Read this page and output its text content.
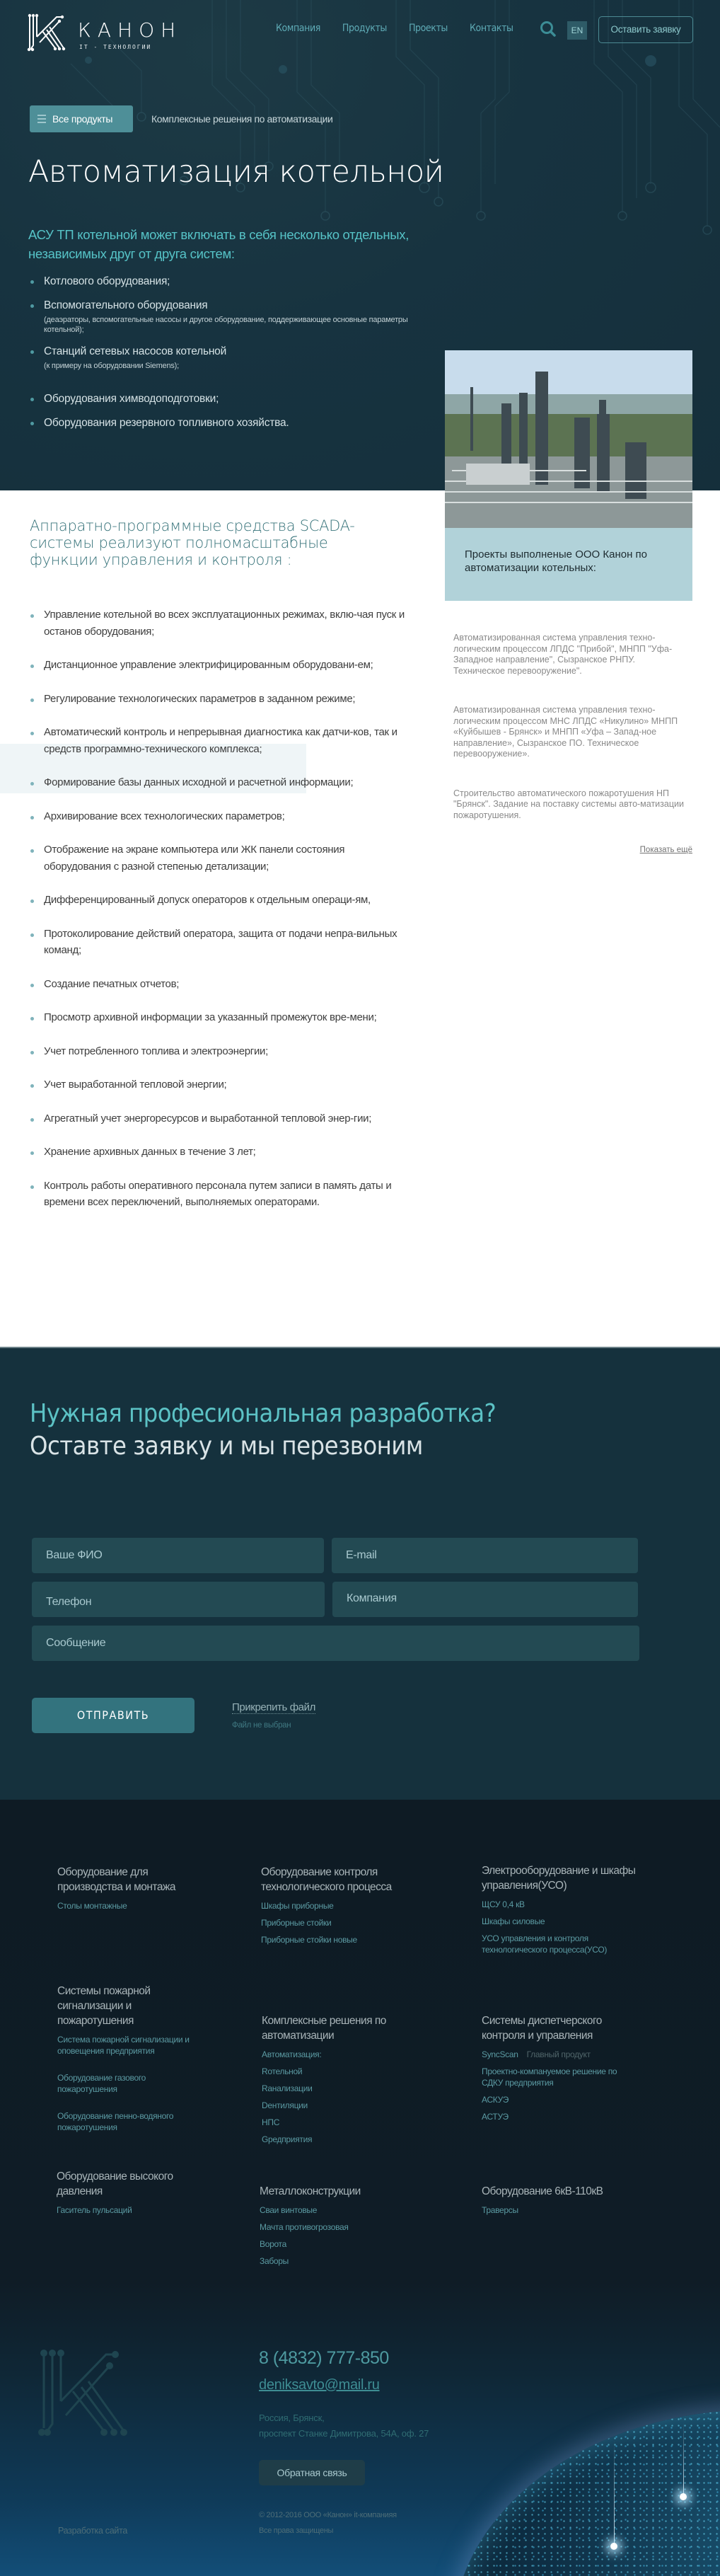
КАНОН
IT - ТЕХНОЛОГИИ
Компания Продукты Проекты Контакты	EN	Оставить заявку
Все продукты	Комплексные решения по автоматизации
Автоматизация котельной

АСУ ТП котельной может включать в себя несколько отдельных, независимых друг от друга систем:

Котлового оборудования;
Вспомогательного оборудования
(деаэраторы, вспомогательные насосы и другое оборудование, поддерживающее основные параметры котельной);
Станций сетевых насосов котельной
(к примеру на оборудовании Siemens);
Оборудования химводоподготовки;
Оборудования резервного топливного хозяйства.
Проекты выполненые ООО Канон по автоматизации котельных:

Автоматизированная система управления техно-логическим процессом ЛПДС "Прибой", МНПП "Уфа-Западное направление", Сызранское РНПУ. Техническое перевооружение".

Автоматизированная система управления техно-логическим процессом МНС ЛПДС «Никулино» МНПП «Куйбышев - Брянск» и МНПП «Уфа – Запад-ное направление», Сызранское ПО. Техническое перевооружение».

Строительство автоматического пожаротушения НП "Брянск". Задание на поставку системы авто-матизации пожаротушения.

Показать ещё
Аппаратно-программные средства SCADA-системы реализуют полномасштабные функции управления и контроля :
Управление котельной во всех эксплуатационных режимах, вклю-чая пуск и останов оборудования;
Дистанционное управление электрифицированным оборудовани-ем;
Регулирование технологических параметров в заданном режиме;
Автоматический контроль и непрерывная диагностика как датчи-ков, так и средств программно-технического комплекса;
Формирование базы данных исходной и расчетной информации;
Архивирование всех технологических параметров;
Отображение на экране компьютера или ЖК панели состояния оборудования с разной степенью детализации;
Дифференцированный допуск операторов к отдельным операци-ям,
Протоколирование действий оператора, защита от подачи непра-вильных команд;
Создание печатных отчетов;
Просмотр архивной информации за указанный промежуток вре-мени;
Учет потребленного топлива и электроэнергии;
Учет выработанной тепловой энергии;
Агрегатный учет энергоресурсов и выработанной тепловой энер-гии;
Хранение архивных данных в течение 3 лет;
Контроль работы оперативного персонала путем записи в память даты и времени всех переключений, выполняемых операторами.
Нужная професиональная разработка?
Оставте заявку и мы перезвоним
Ваше ФИО	E-mail
Телефон	Компания
Сообщение
ОТПРАВИТЬ
Прикрепить файл
Файл не выбран
Оборудование для производства и монтажа
Столы монтажные
Оборудование контроля технологического процесса
Шкафы приборные
Приборные стойки
Приборные стойки новые
Электрооборудование и шкафы управления(УСО)
ЩСУ 0,4 кВ
Шкафы силовые
УСО управления и контроля технологического процесса(УСО)
Системы пожарной сигнализации и пожаротушения
Система пожарной сигнализации и оповещения предприятия
Оборудование газового пожаротушения
Оборудование пенно-водяного пожаротушения
Комплексные решения по автоматизации
Автоматизация:
Rотельной
Rанализации
Dентиляции
НПС
Gредприятия
Системы диспетчерского контроля и управления
SyncScan Главный продукт
Проектно-компануемое решение по СДКУ предприятия
АСКУЭ
АСТУЭ
Оборудование высокого давления
Гаситель пульсаций
Металлоконструкции
Сваи винтовые
Мачта противогрозовая
Ворота
Заборы
Оборудование 6кВ-110кВ
Траверсы
8 (4832) 777-850
deniksavto@mail.ru
Россия, Брянск,
проспект Станке Димитрова, 54А, оф. 27
Обратная связь
Разработка сайта
© 2012-2016 ООО «Канон» it-компанияя
Все права защищены
